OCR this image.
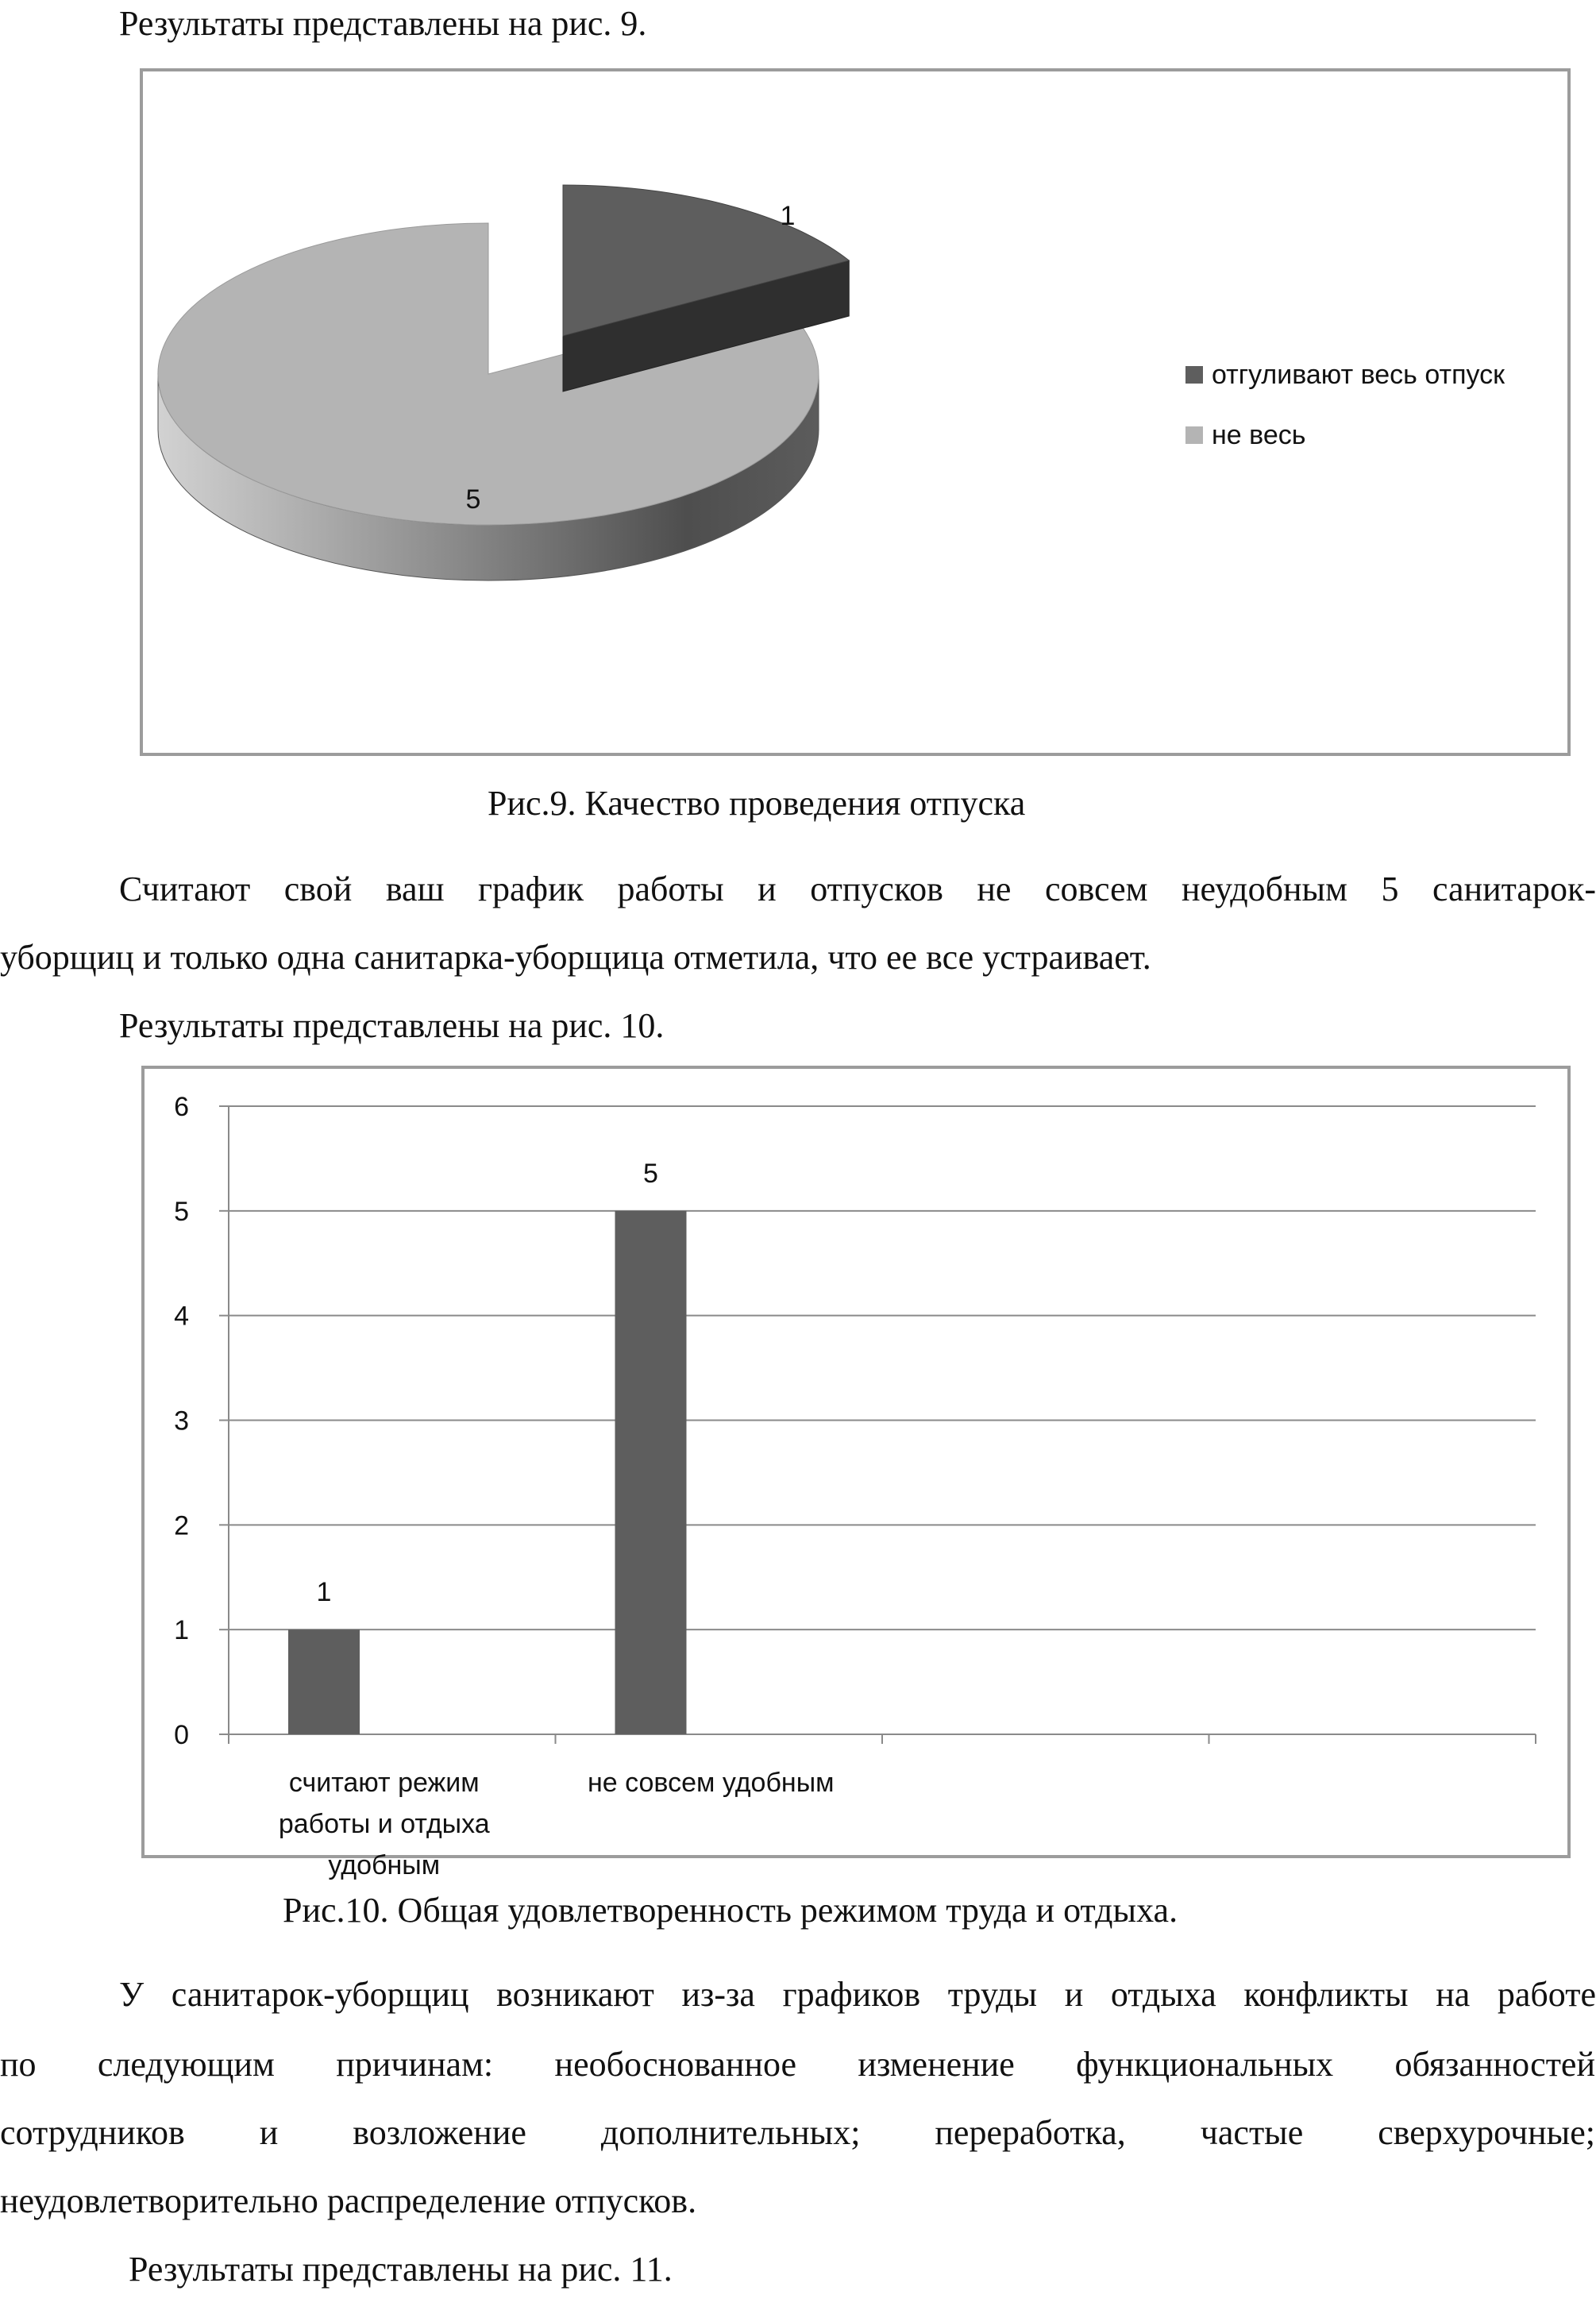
Результаты представлены на рис. 9.
1
5
отгуливают весь отпуск
не весь
Рис.9. Качество проведения отпуска
Считают свой ваш график работы и отпусков не совсем неудобным 5 санитарок-
уборщиц и только одна санитарка-уборщица отметила, что ее все устраивает.
Результаты представлены на рис. 10.
0
1
2
3
4
5
6
1
считают режим
работы и отдыха
удобным
5
не совсем удобным
Рис.10. Общая удовлетворенность режимом труда и отдыха.
У санитарок-уборщиц возникают из-за графиков труды и отдыха конфликты на работе
по следующим причинам: необоснованное изменение функциональных обязанностей
сотрудников и возложение дополнительных; переработка, частые сверхурочные;
неудовлетворительно распределение отпусков.
Результаты представлены на рис. 11.
